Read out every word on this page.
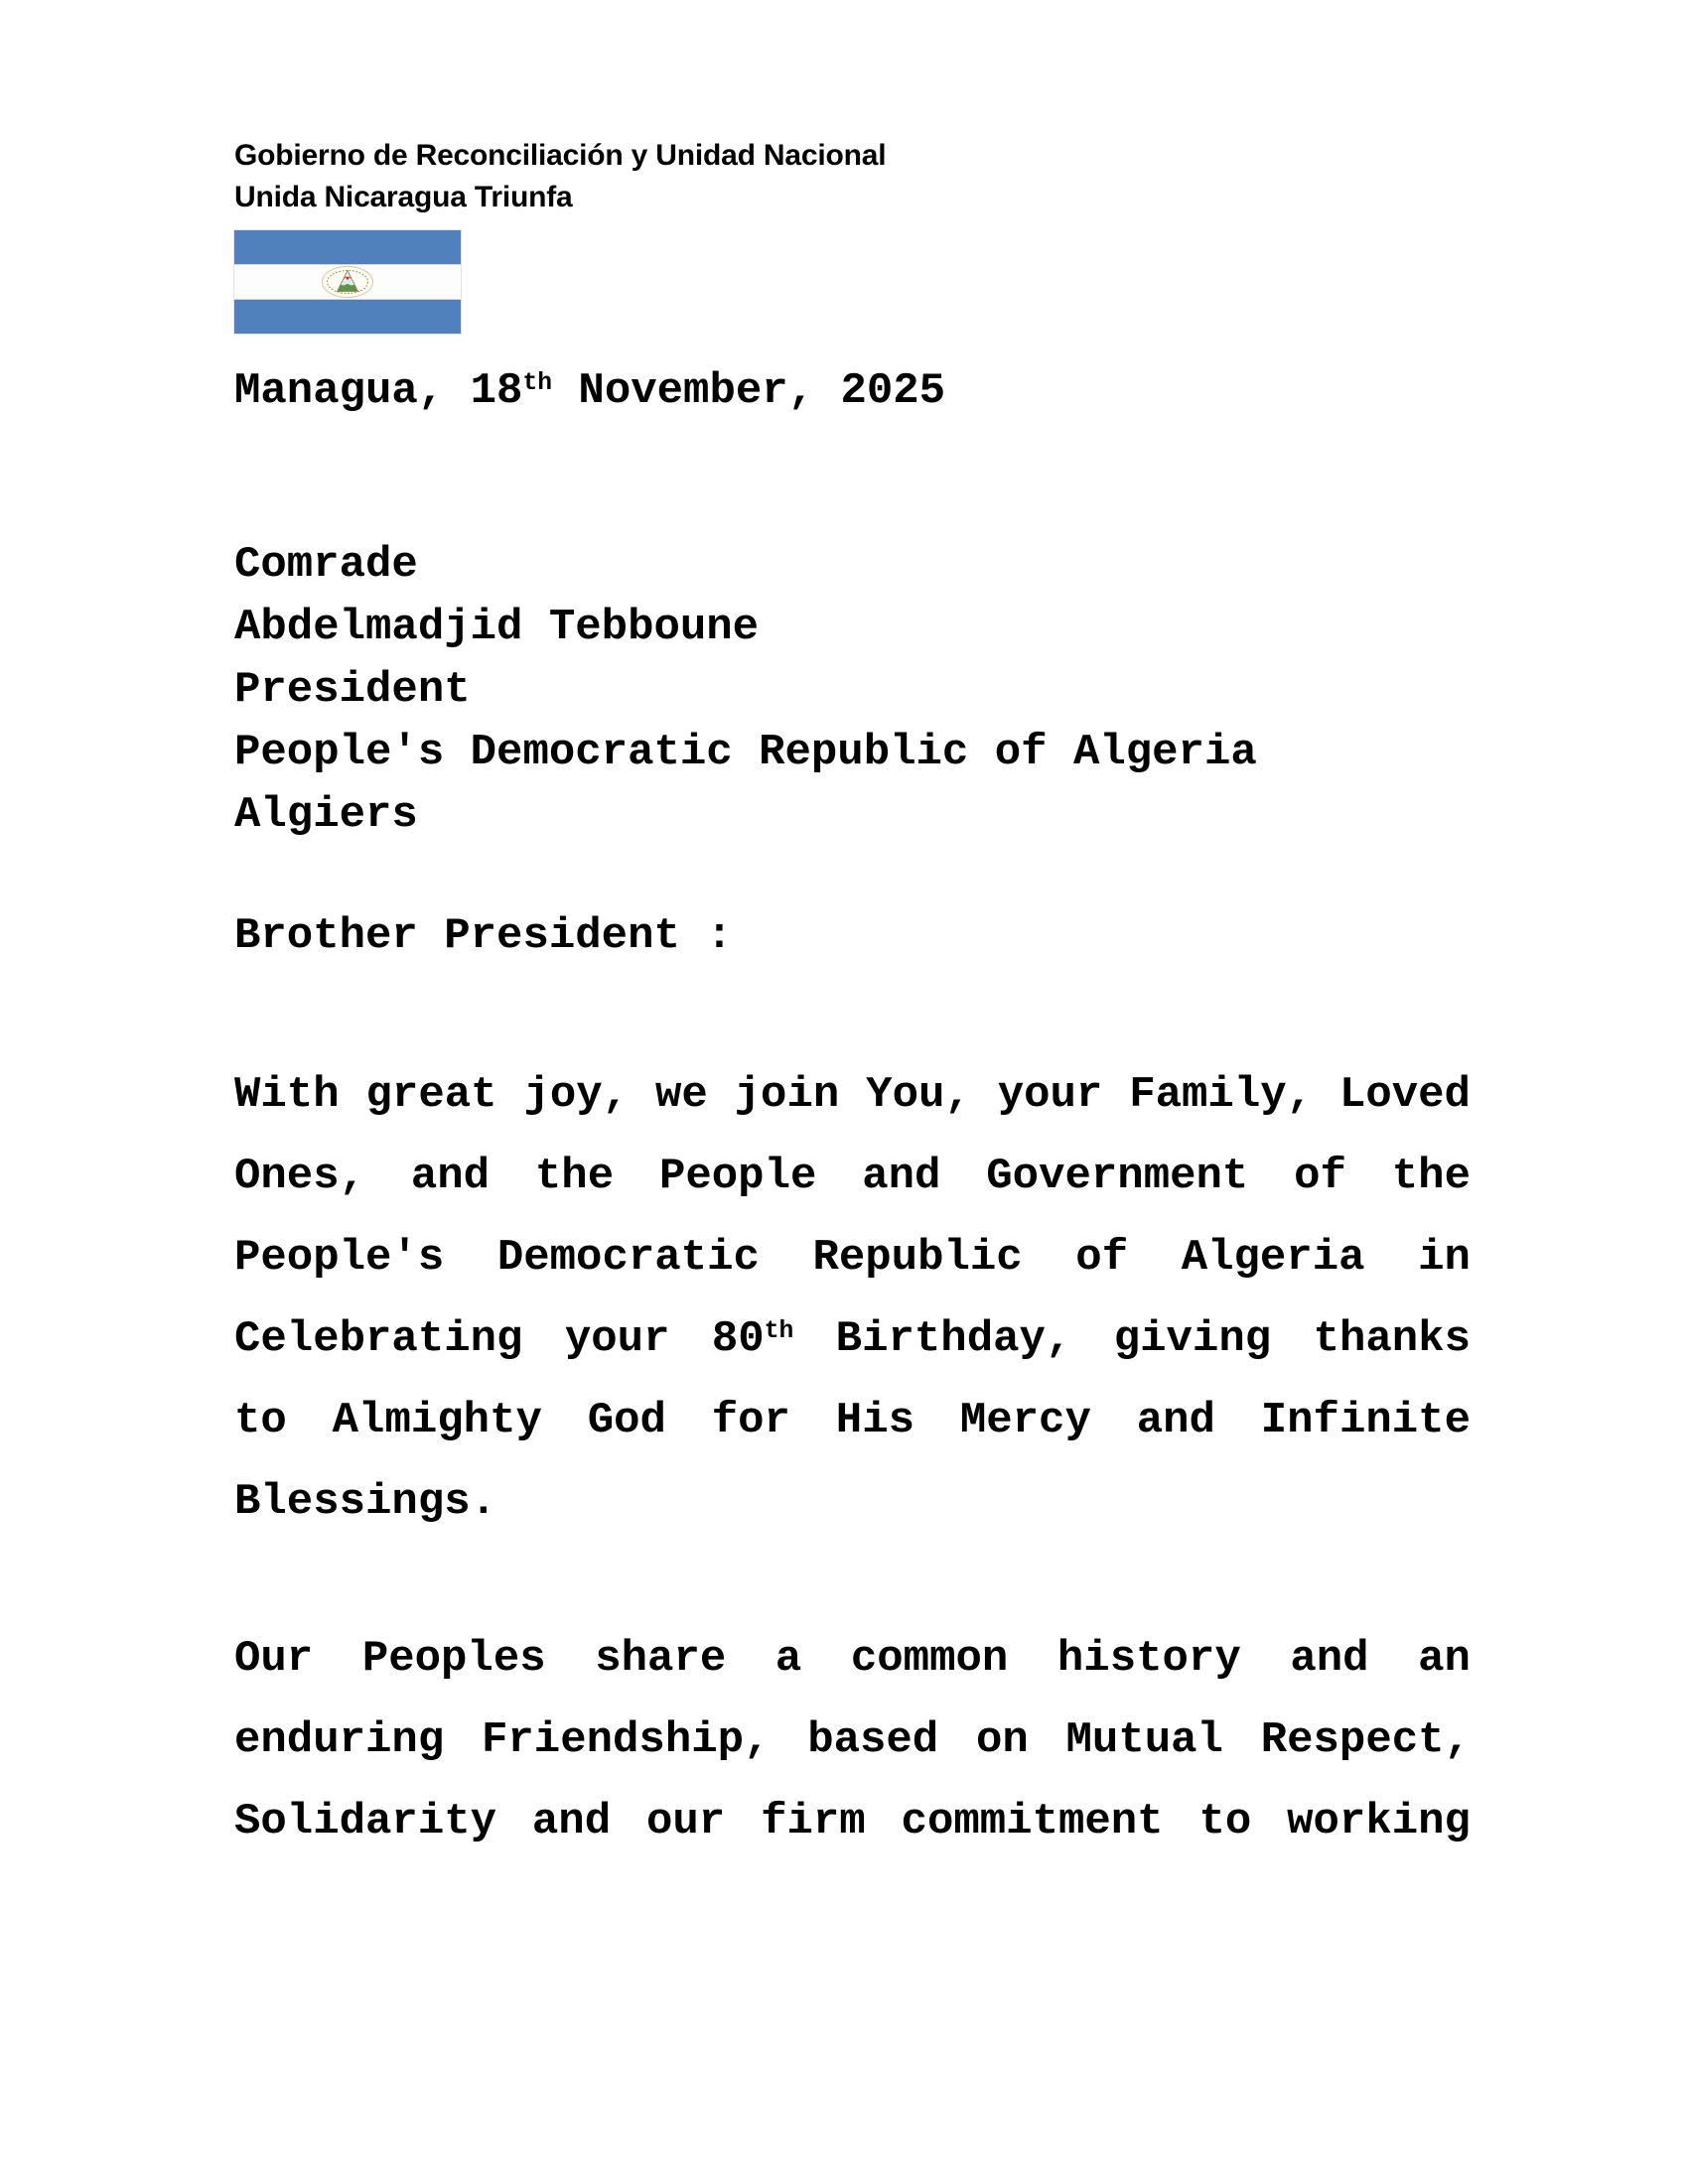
Gobierno de Reconciliación y Unidad Nacional
Unida Nicaragua Triunfa
Managua, 18th November, 2025
Comrade
Abdelmadjid Tebboune
President
People's Democratic Republic of Algeria
Algiers
Brother President :
With great joy, we join You, your Family, Loved
Ones, and the People and Government of the
People's Democratic Republic of Algeria in
Celebrating your 80th Birthday, giving thanks
to Almighty God for His Mercy and Infinite
Blessings.
Our Peoples share a common history and an
enduring Friendship, based on Mutual Respect,
Solidarity and our firm commitment to working
